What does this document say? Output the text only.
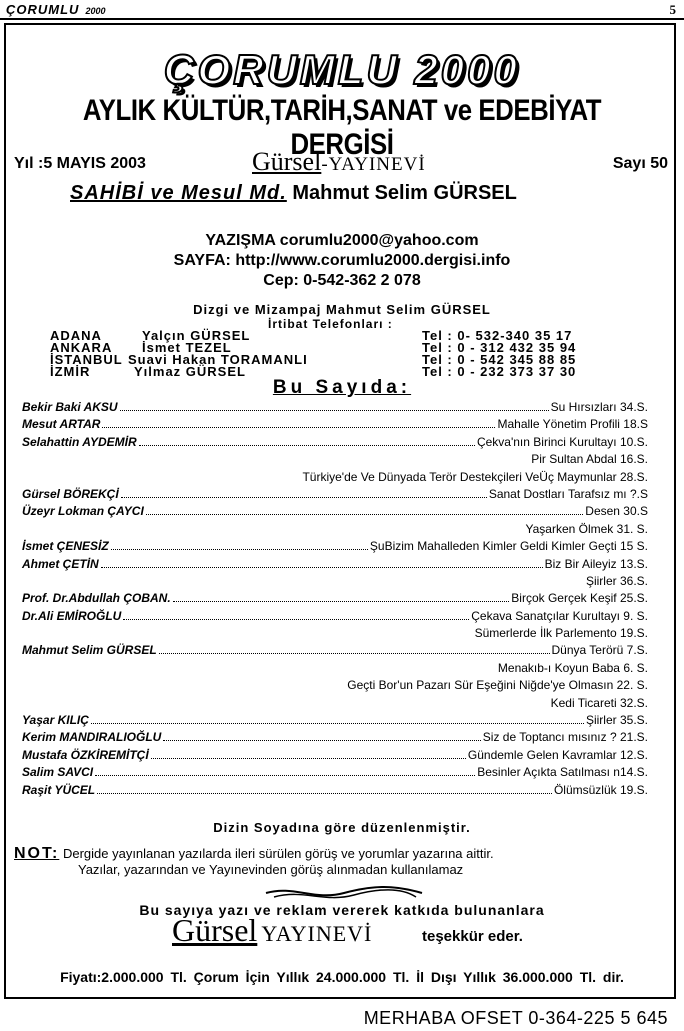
ÇORUMLU 2000	5
ÇORUMLU 2000
AYLIK KÜLTÜR,TARİH,SANAT ve EDEBİYAT DERGİSİ
Yıl :5 MAYIS 2003	Gürsel-YAYINEVİ	Sayı 50
SAHİBİ ve Mesul Md. Mahmut Selim GÜRSEL
YAZIŞMA corumlu2000@yahoo.com
SAYFA: http://www.corumlu2000.dergisi.info
Cep: 0-542-362 2 078
Dizgi ve Mizampaj Mahmut Selim GÜRSEL
İrtibat Telefonları :
ADANA	Yalçın GÜRSEL	Tel : 0- 532-340 35 17
ANKARA İsmet TEZEL	Tel : 0 - 312 432 35 94
İSTANBUL Suavi Hakan TORAMANLI	Tel : 0 - 542 345 88 85
İZMİR	Yılmaz GÜRSEL	Tel : 0 - 232 373 37 30
Bu Sayıda:
Bekir Baki AKSU	Su Hırsızları 34.S.
Mesut ARTAR	Mahalle Yönetim Profili 18.S
Selahattin AYDEMİR	Çekva'nın Birinci Kurultayı 10.S.
Pir Sultan Abdal 16.S.
Türkiye'de Ve Dünyada Terör Destekçileri VeÜç Maymunlar 28.S.
Gürsel BÖREKÇİ	Sanat Dostları Tarafsız mı ?.S
Üzeyr Lokman ÇAYCI	Desen 30.S
Yaşarken Ölmek 31. S.
İsmet ÇENESİZ	ŞuBizim Mahalleden Kimler Geldi Kimler Geçti 15 S.
Ahmet ÇETİN	Biz Bir Aileyiz 13.S.
Şiirler 36.S.
Prof. Dr.Abdullah ÇOBAN.	Birçok Gerçek Keşif 25.S.
Dr.Ali EMİROĞLU	Çekava Sanatçılar Kurultayı 9. S.
Sümerlerde İlk Parlemento 19.S.
Mahmut Selim GÜRSEL	Dünya Terörü 7.S.
Menakıb-ı Koyun Baba 6. S.
Geçti Bor'un Pazarı Sür Eşeğini Niğde'ye Olmasın 22. S.
Kedi Ticareti 32.S.
Yaşar KILIÇ	Şiirler 35.S.
Kerim MANDIRALIOĞLU	Siz de Toptancı mısınız ? 21.S.
Mustafa ÖZKİREMİTÇİ	Gündemle Gelen Kavramlar 12.S.
Salim SAVCI	Besinler Açıkta Satılması n14.S.
Raşit YÜCEL	Ölümsüzlük 19.S.
Dizin Soyadına göre düzenlenmiştir.
NOT: Dergide yayınlanan yazılarda ileri sürülen görüş ve yorumlar yazarına aittir.
Yazılar, yazarından ve Yayınevinden görüş alınmadan kullanılamaz
Bu sayıya yazı ve reklam vererek katkıda bulunanlara
Gürsel YAYINEVİ	teşekkür eder.
Fiyatı:2.000.000 Tl. Çorum İçin Yıllık 24.000.000 Tl. İl Dışı Yıllık 36.000.000 Tl. dir.
MERHABA OFSET 0-364-225 5 645
